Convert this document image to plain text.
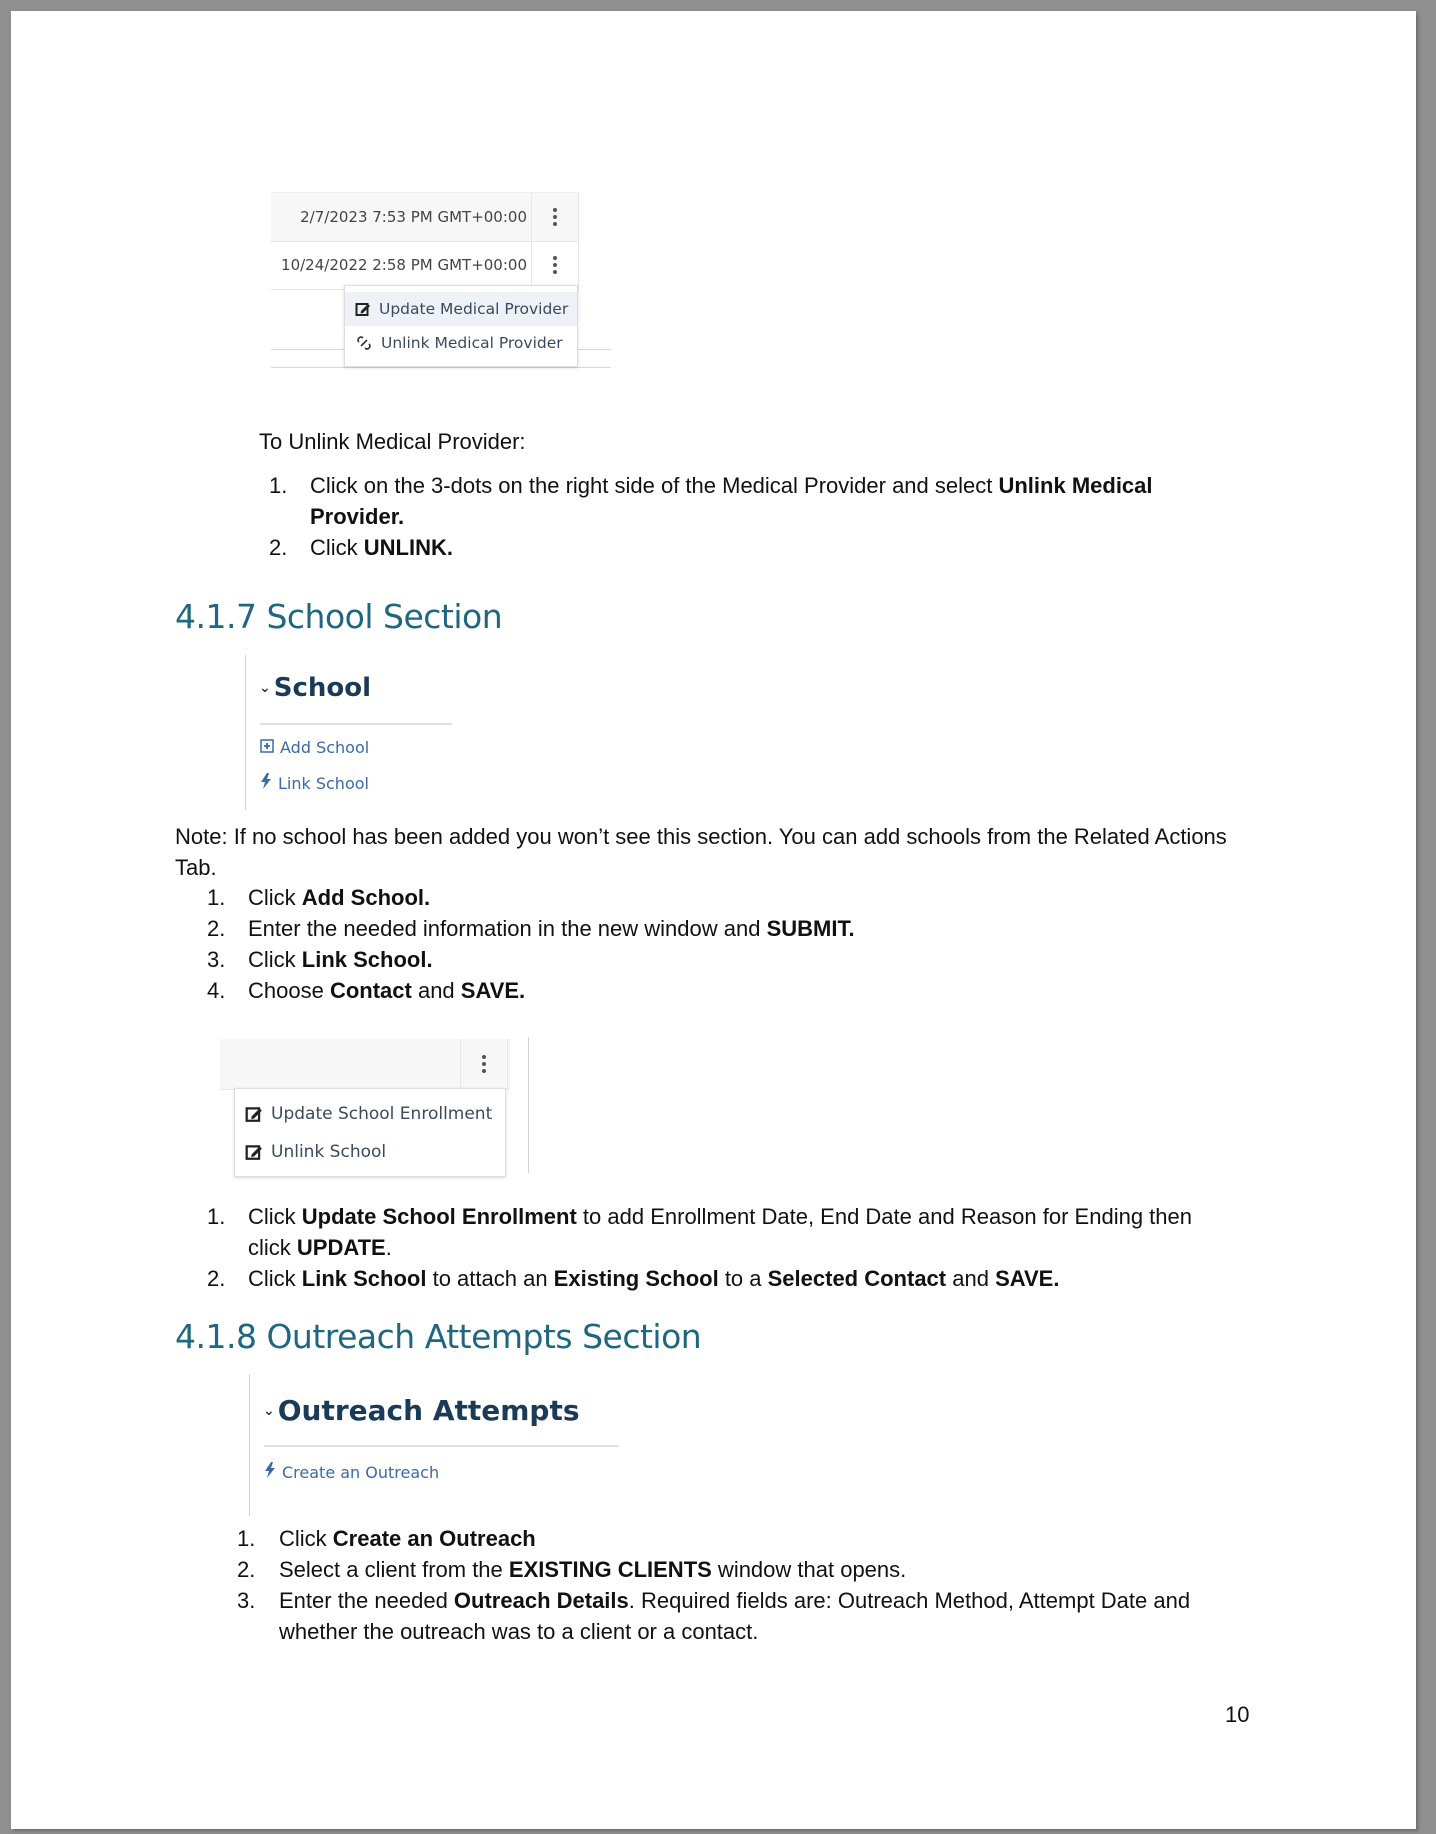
2/7/2023 7:53 PM GMT+00:00
10/24/2022 2:58 PM GMT+00:00
Update Medical Provider
Unlink Medical Provider
To Unlink Medical Provider:
1. Click on the 3-dots on the right side of the Medical Provider and select Unlink Medical Provider.
2. Click UNLINK.
4.1.7 School Section
⌄ School
Add School
Link School
Note: If no school has been added you won’t see this section. You can add schools from the Related Actions Tab.
1. Click Add School.
2. Enter the needed information in the new window and SUBMIT.
3. Click Link School.
4. Choose Contact and SAVE.
Update School Enrollment
Unlink School
1. Click Update School Enrollment to add Enrollment Date, End Date and Reason for Ending then click UPDATE.
2. Click Link School to attach an Existing School to a Selected Contact and SAVE.
4.1.8 Outreach Attempts Section
⌄ Outreach Attempts
Create an Outreach
1. Click Create an Outreach
2. Select a client from the EXISTING CLIENTS window that opens.
3. Enter the needed Outreach Details. Required fields are: Outreach Method, Attempt Date and whether the outreach was to a client or a contact.
10
